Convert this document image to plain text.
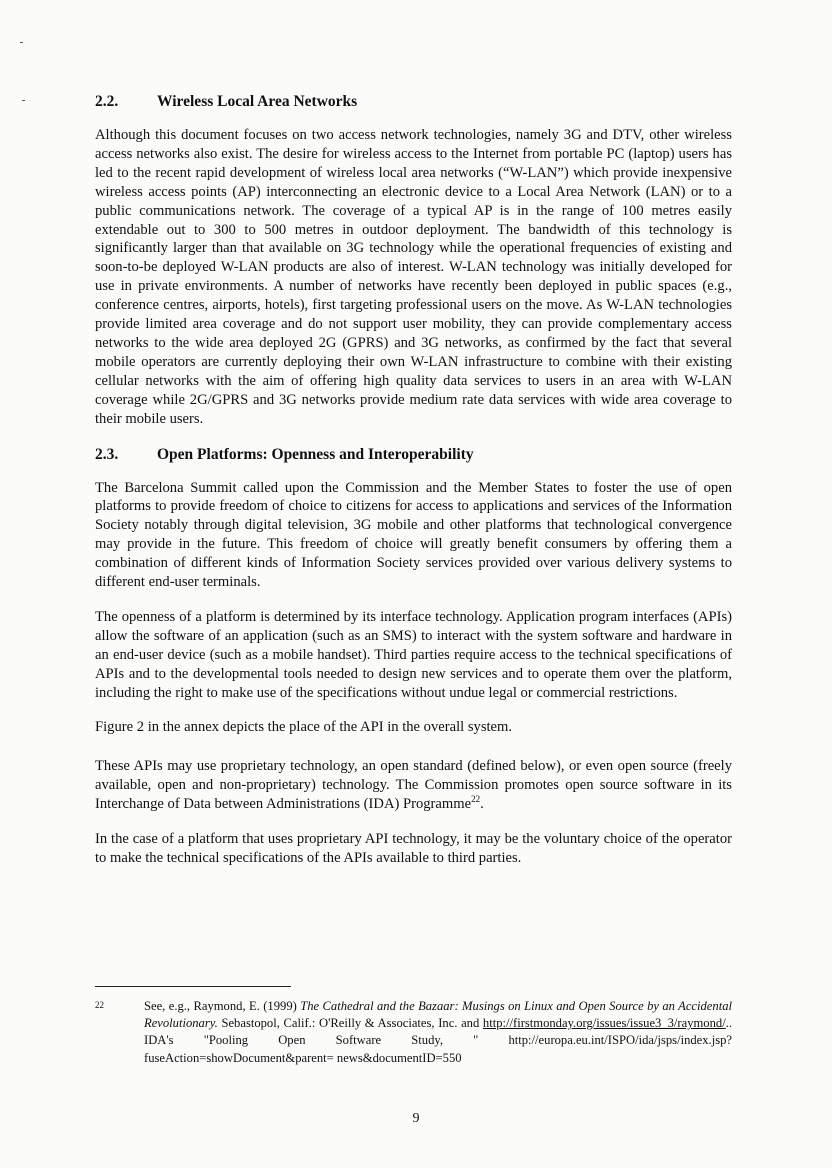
2.2.	Wireless Local Area Networks

Although this document focuses on two access network technologies, namely 3G and DTV, other wireless access networks also exist. The desire for wireless access to the Internet from portable PC (laptop) users has led to the recent rapid development of wireless local area networks (“W-LAN”) which provide inexpensive wireless access points (AP) interconnecting an electronic device to a Local Area Network (LAN) or to a public communications network. The coverage of a typical AP is in the range of 100 metres easily extendable out to 300 to 500 metres in outdoor deployment. The bandwidth of this technology is significantly larger than that available on 3G technology while the operational frequencies of existing and soon-to-be deployed W-LAN products are also of interest. W-LAN technology was initially developed for use in private environments. A number of networks have recently been deployed in public spaces (e.g., conference centres, airports, hotels), first targeting professional users on the move. As W-LAN technologies provide limited area coverage and do not support user mobility, they can provide complementary access networks to the wide area deployed 2G (GPRS) and 3G networks, as confirmed by the fact that several mobile operators are currently deploying their own W-LAN infrastructure to combine with their existing cellular networks with the aim of offering high quality data services to users in an area with W-LAN coverage while 2G/GPRS and 3G networks provide medium rate data services with wide area coverage to their mobile users.

2.3.	Open Platforms: Openness and Interoperability

The Barcelona Summit called upon the Commission and the Member States to foster the use of open platforms to provide freedom of choice to citizens for access to applications and services of the Information Society notably through digital television, 3G mobile and other platforms that technological convergence may provide in the future. This freedom of choice will greatly benefit consumers by offering them a combination of different kinds of Information Society services provided over various delivery systems to different end-user terminals.

The openness of a platform is determined by its interface technology. Application program interfaces (APIs) allow the software of an application (such as an SMS) to interact with the system software and hardware in an end-user device (such as a mobile handset). Third parties require access to the technical specifications of APIs and to the developmental tools needed to design new services and to operate them over the platform, including the right to make use of the specifications without undue legal or commercial restrictions.

Figure 2 in the annex depicts the place of the API in the overall system.

These APIs may use proprietary technology, an open standard (defined below), or even open source (freely available, open and non-proprietary) technology. The Commission promotes open source software in its Interchange of Data between Administrations (IDA) Programme$^{22}$.

In the case of a platform that uses proprietary API technology, it may be the voluntary choice of the operator to make the technical specifications of the APIs available to third parties.

22	See, e.g., Raymond, E. (1999) The Cathedral and the Bazaar: Musings on Linux and Open Source by an Accidental Revolutionary. Sebastopol, Calif.: O'Reilly & Associates, Inc. and http://firstmonday.org/issues/issue3_3/raymond/.. IDA's "Pooling Open Software Study, " http://europa.eu.int/ISPO/ida/jsps/index.jsp?fuseAction=showDocument&parent= news&documentID=550
9
